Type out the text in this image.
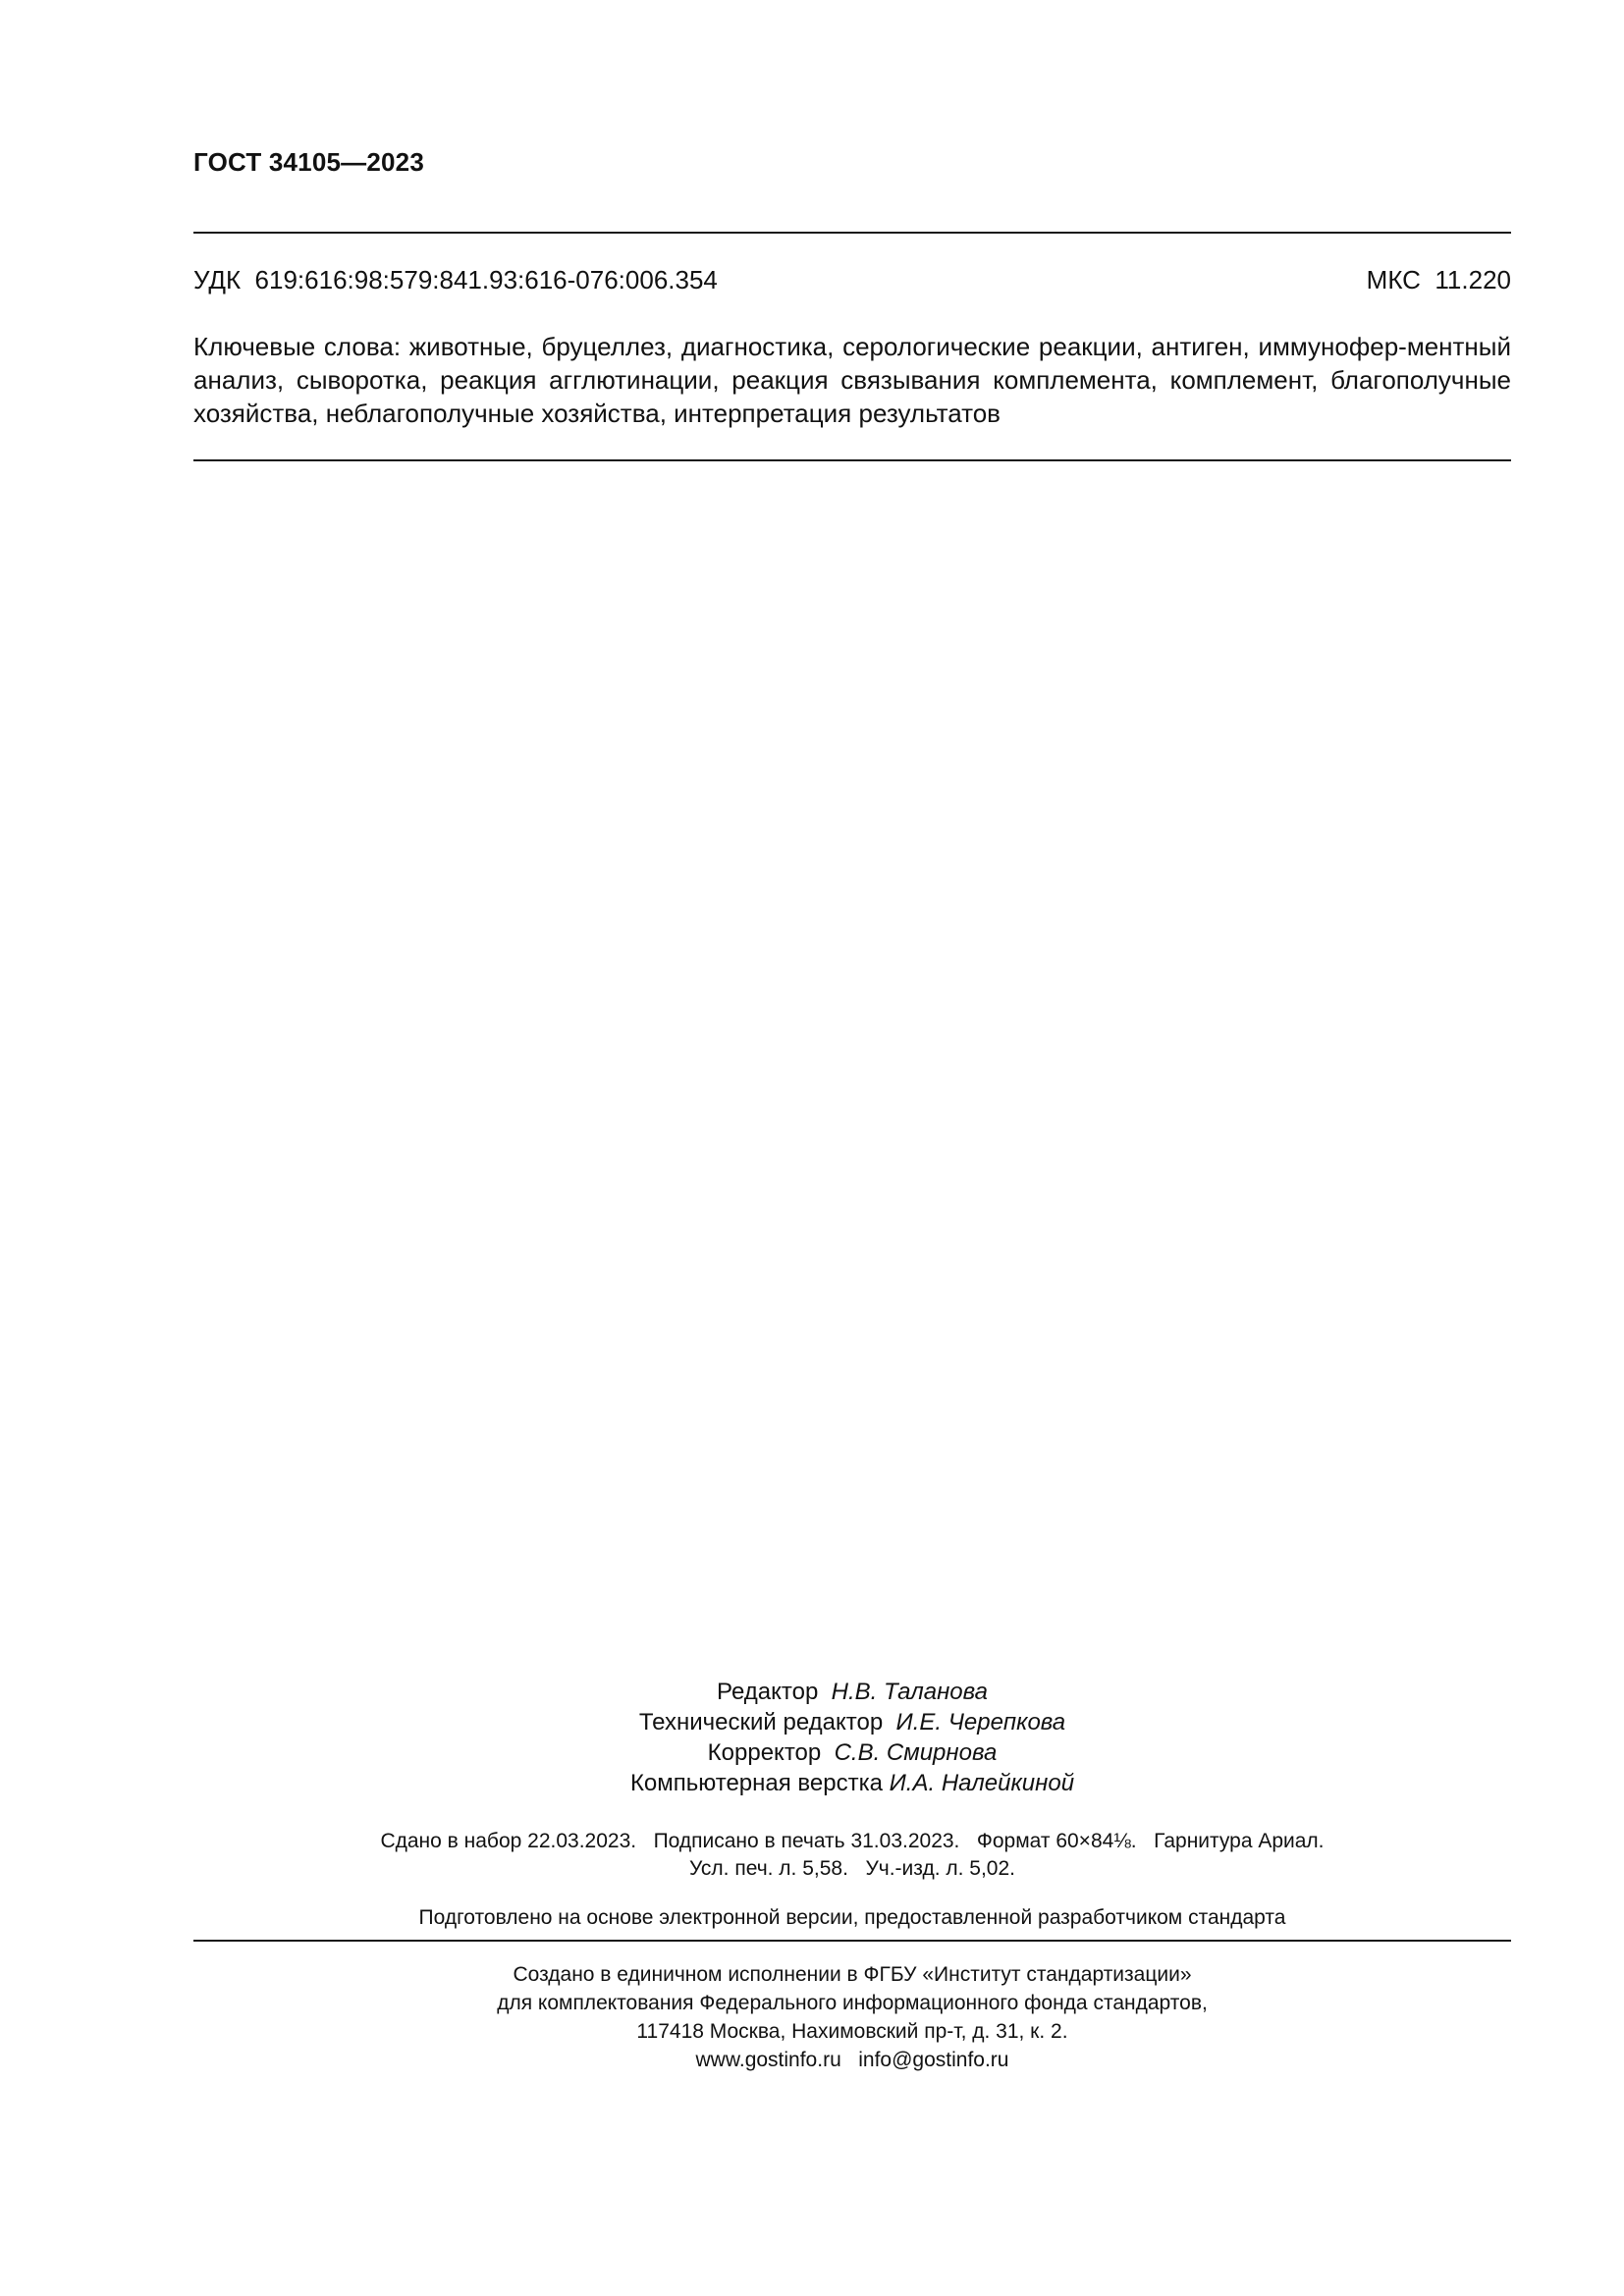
ГОСТ 34105—2023
УДК  619:616:98:579:841.93:616-076:006.354	МКС  11.220
Ключевые слова: животные, бруцеллез, диагностика, серологические реакции, антиген, иммунофер-ментный анализ, сыворотка, реакция агглютинации, реакция связывания комплемента, комплемент, благополучные хозяйства, неблагополучные хозяйства, интерпретация результатов
Редактор Н.В. Таланова
Технический редактор И.Е. Черепкова
Корректор С.В. Смирнова
Компьютерная верстка И.А. Налейкиной
Сдано в набор 22.03.2023.   Подписано в печать 31.03.2023.   Формат 60×84⅛.   Гарнитура Ариал.
Усл. печ. л. 5,58.   Уч.-изд. л. 5,02.
Подготовлено на основе электронной версии, предоставленной разработчиком стандарта
Создано в единичном исполнении в ФГБУ «Институт стандартизации»
для комплектования Федерального информационного фонда стандартов,
117418 Москва, Нахимовский пр-т, д. 31, к. 2.
www.gostinfo.ru   info@gostinfo.ru
